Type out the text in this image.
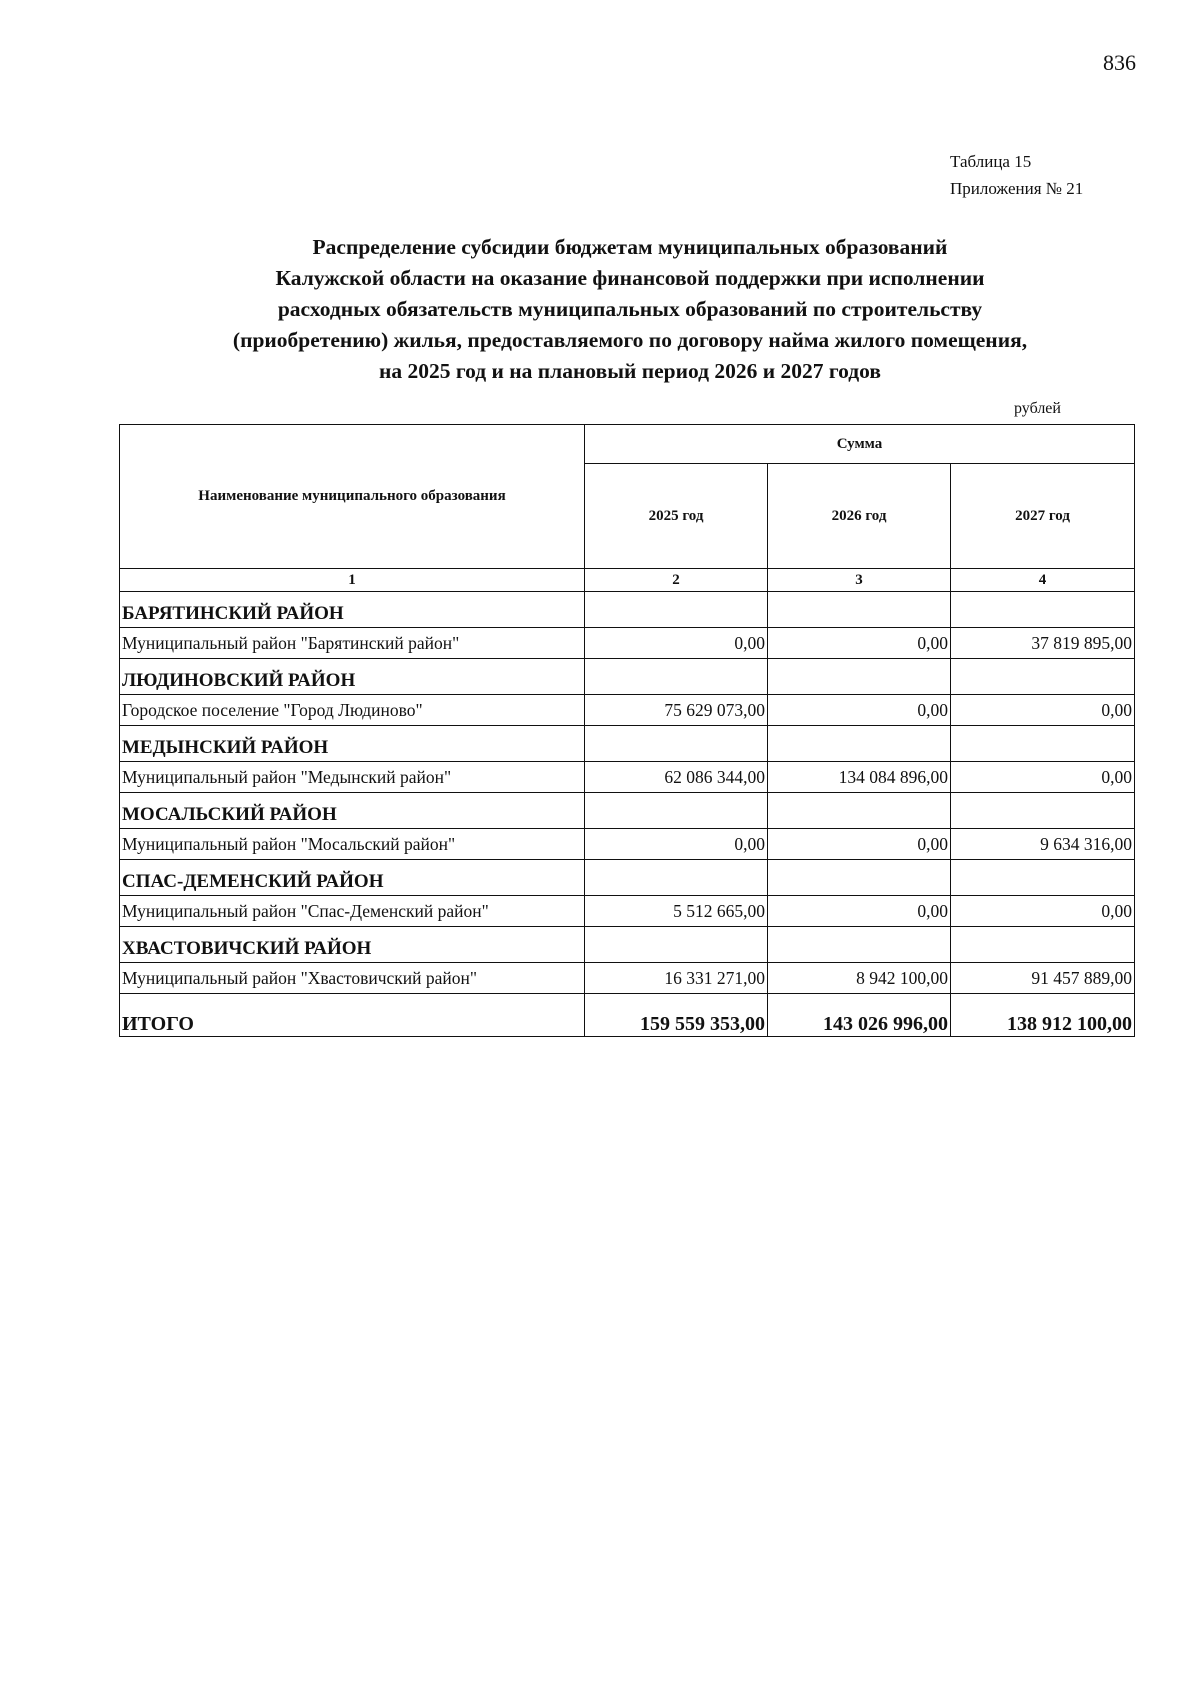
836
Таблица 15
Приложения № 21
Распределение субсидии бюджетам муниципальных образований
Калужской области на оказание финансовой поддержки при исполнении
расходных обязательств муниципальных образований по строительству
(приобретению) жилья, предоставляемого по договору найма жилого помещения,
на 2025 год и на плановый период 2026 и 2027 годов
рублей
Наименование муниципального образования	Сумма		
	2025 год	2026 год	2027 год
1	2	3	4
БАРЯТИНСКИЙ РАЙОН			
Муниципальный район "Барятинский район"	0,00	0,00	37 819 895,00
ЛЮДИНОВСКИЙ РАЙОН			
Городское поселение "Город Людиново"	75 629 073,00	0,00	0,00
МЕДЫНСКИЙ РАЙОН			
Муниципальный район "Медынский район"	62 086 344,00	134 084 896,00	0,00
МОСАЛЬСКИЙ РАЙОН			
Муниципальный район "Мосальский район"	0,00	0,00	9 634 316,00
СПАС-ДЕМЕНСКИЙ РАЙОН			
Муниципальный район "Спас-Деменский район"	5 512 665,00	0,00	0,00
ХВАСТОВИЧСКИЙ РАЙОН			
Муниципальный район "Хвастовичский район"	16 331 271,00	8 942 100,00	91 457 889,00
ИТОГО	159 559 353,00	143 026 996,00	138 912 100,00
